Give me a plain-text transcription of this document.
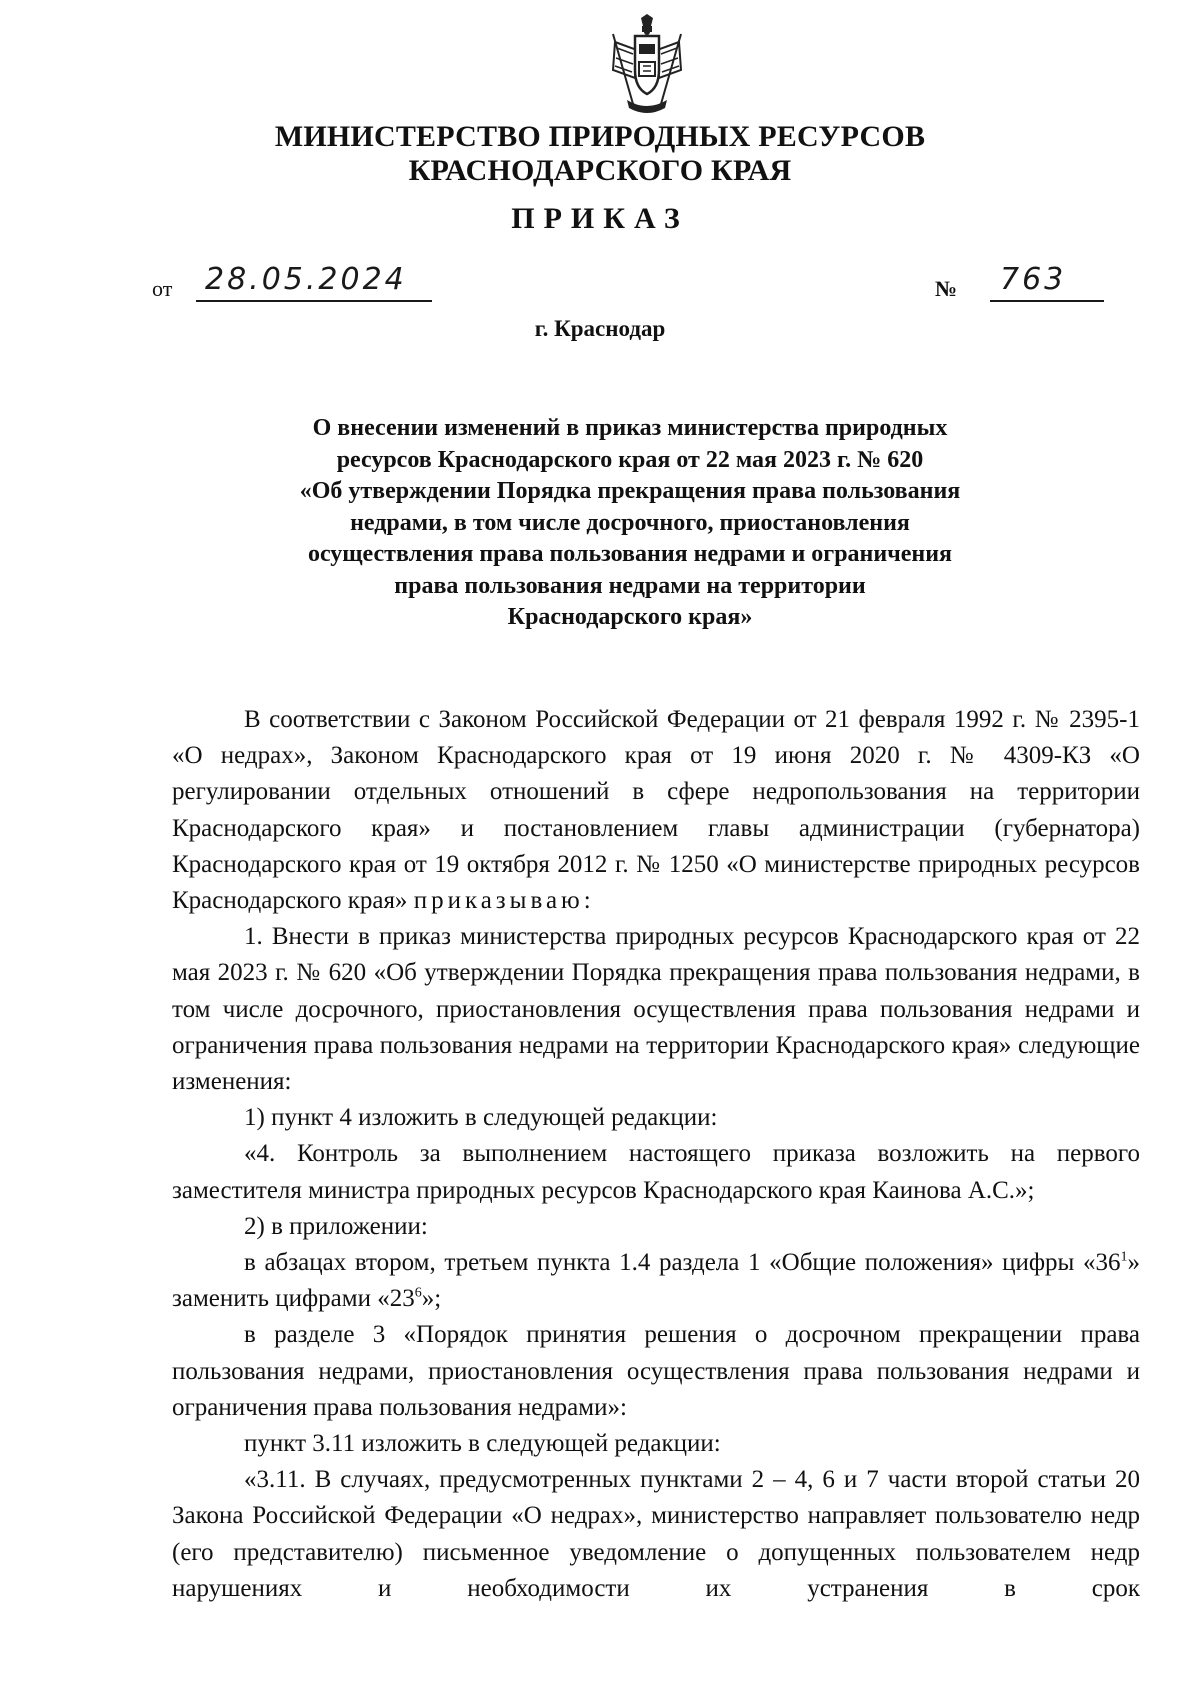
МИНИСТЕРСТВО ПРИРОДНЫХ РЕСУРСОВ
КРАСНОДАРСКОГО КРАЯ
ПРИКАЗ
от 28.05.2024	№ 763
г. Краснодар
О внесении изменений в приказ министерства природных
ресурсов Краснодарского края от 22 мая 2023 г. № 620
«Об утверждении Порядка прекращения права пользования
недрами, в том числе досрочного, приостановления
осуществления права пользования недрами и ограничения
права пользования недрами на территории
Краснодарского края»

В соответствии с Законом Российской Федерации от 21 февраля 1992 г. № 2395-1 «О недрах», Законом Краснодарского края от 19 июня 2020 г. № 4309-КЗ «О регулировании отдельных отношений в сфере недропользования на территории Краснодарского края» и постановлением главы администрации (губернатора) Краснодарского края от 19 октября 2012 г. № 1250 «О министерстве природных ресурсов Краснодарского края» приказываю:

1. Внести в приказ министерства природных ресурсов Краснодарского края от 22 мая 2023 г. № 620 «Об утверждении Порядка прекращения права пользования недрами, в том числе досрочного, приостановления осуществления права пользования недрами и ограничения права пользования недрами на территории Краснодарского края» следующие изменения:

1) пункт 4 изложить в следующей редакции:

«4. Контроль за выполнением настоящего приказа возложить на первого заместителя министра природных ресурсов Краснодарского края Каинова А.С.»;

2) в приложении:

в абзацах втором, третьем пункта 1.4 раздела 1 «Общие положения» цифры «$36^1$» заменить цифрами «$23^6$»;

в разделе 3 «Порядок принятия решения о досрочном прекращении права пользования недрами, приостановления осуществления права пользования недрами и ограничения права пользования недрами»:

пункт 3.11 изложить в следующей редакции:

«3.11. В случаях, предусмотренных пунктами 2 – 4, 6 и 7 части второй статьи 20 Закона Российской Федерации «О недрах», министерство направляет пользователю недр (его представителю) письменное уведомление о допущенных пользователем недр нарушениях и необходимости их устранения в срок
